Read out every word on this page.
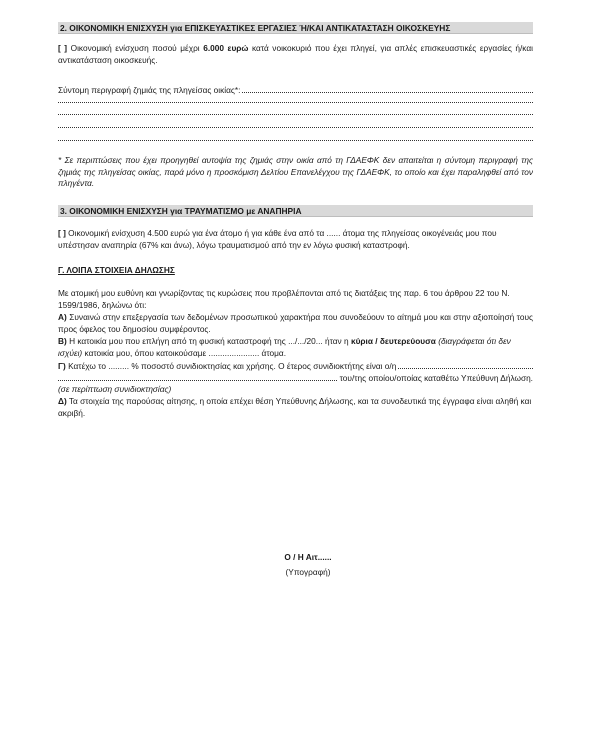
2. ΟΙΚΟΝΟΜΙΚΗ ΕΝΙΣΧΥΣΗ για ΕΠΙΣΚΕΥΑΣΤΙΚΕΣ ΕΡΓΑΣΙΕΣ Ή/ΚΑΙ ΑΝΤΙΚΑΤΑΣΤΑΣΗ ΟΙΚΟΣΚΕΥΗΣ
[ ] Οικονομική ενίσχυση ποσού μέχρι 6.000 ευρώ κατά νοικοκυριό που έχει πληγεί, για απλές επισκευαστικές εργασίες ή/και αντικατάσταση οικοσκευής.
Σύντομη περιγραφή ζημιάς της πληγείσας οικίας*:
* Σε περιπτώσεις που έχει προηγηθεί αυτοψία της ζημιάς στην οικία από τη ΓΔΑΕΦΚ δεν απαιτείται η σύντομη περιγραφή της ζημιάς της πληγείσας οικίας, παρά μόνο η προσκόμιση Δελτίου Επανελέγχου της ΓΔΑΕΦΚ, το οποίο και έχει παραληφθεί από τον πληγέντα.
3. ΟΙΚΟΝΟΜΙΚΗ ΕΝΙΣΧΥΣΗ για ΤΡΑΥΜΑΤΙΣΜΟ με ΑΝΑΠΗΡΙΑ
[ ] Οικονομική ενίσχυση 4.500 ευρώ για ένα άτομο ή για κάθε ένα από τα ...... άτομα της πληγείσας οικογένειάς μου που υπέστησαν αναπηρία (67% και άνω), λόγω τραυματισμού από την εν λόγω φυσική καταστροφή.
Γ. ΛΟΙΠΑ ΣΤΟΙΧΕΙΑ ΔΗΛΩΣΗΣ
Με ατομική μου ευθύνη και γνωρίζοντας τις κυρώσεις που προβλέπονται από τις διατάξεις της παρ. 6 του άρθρου 22 του Ν. 1599/1986, δηλώνω ότι:
Α) Συναινώ στην επεξεργασία των δεδομένων προσωπικού χαρακτήρα που συνοδεύουν το αίτημά μου και στην αξιοποίησή τους προς όφελος του δημοσίου συμφέροντος.
Β) Η κατοικία μου που επλήγη από τη φυσική καταστροφή της .../.../20... ήταν η κύρια / δευτερεύουσα (διαγράφεται ότι δεν ισχύει) κατοικία μου, όπου κατοικούσαμε ...................... άτομα.
Γ)
Κατέχω το ......... % ποσοστό συνιδιοκτησίας και χρήσης. Ο έτερος συνιδιοκτήτης είναι ο/η
του/της οποίου/οποίας καταθέτω Υπεύθυνη Δήλωση.
(σε περίπτωση συνιδιοκτησίας)
Δ) Τα στοιχεία της παρούσας αίτησης, η οποία επέχει θέση Υπεύθυνης Δήλωσης, και τα συνοδευτικά της έγγραφα είναι αληθή και ακριβή.
Ο / Η Αιτ......
(Υπογραφή)
